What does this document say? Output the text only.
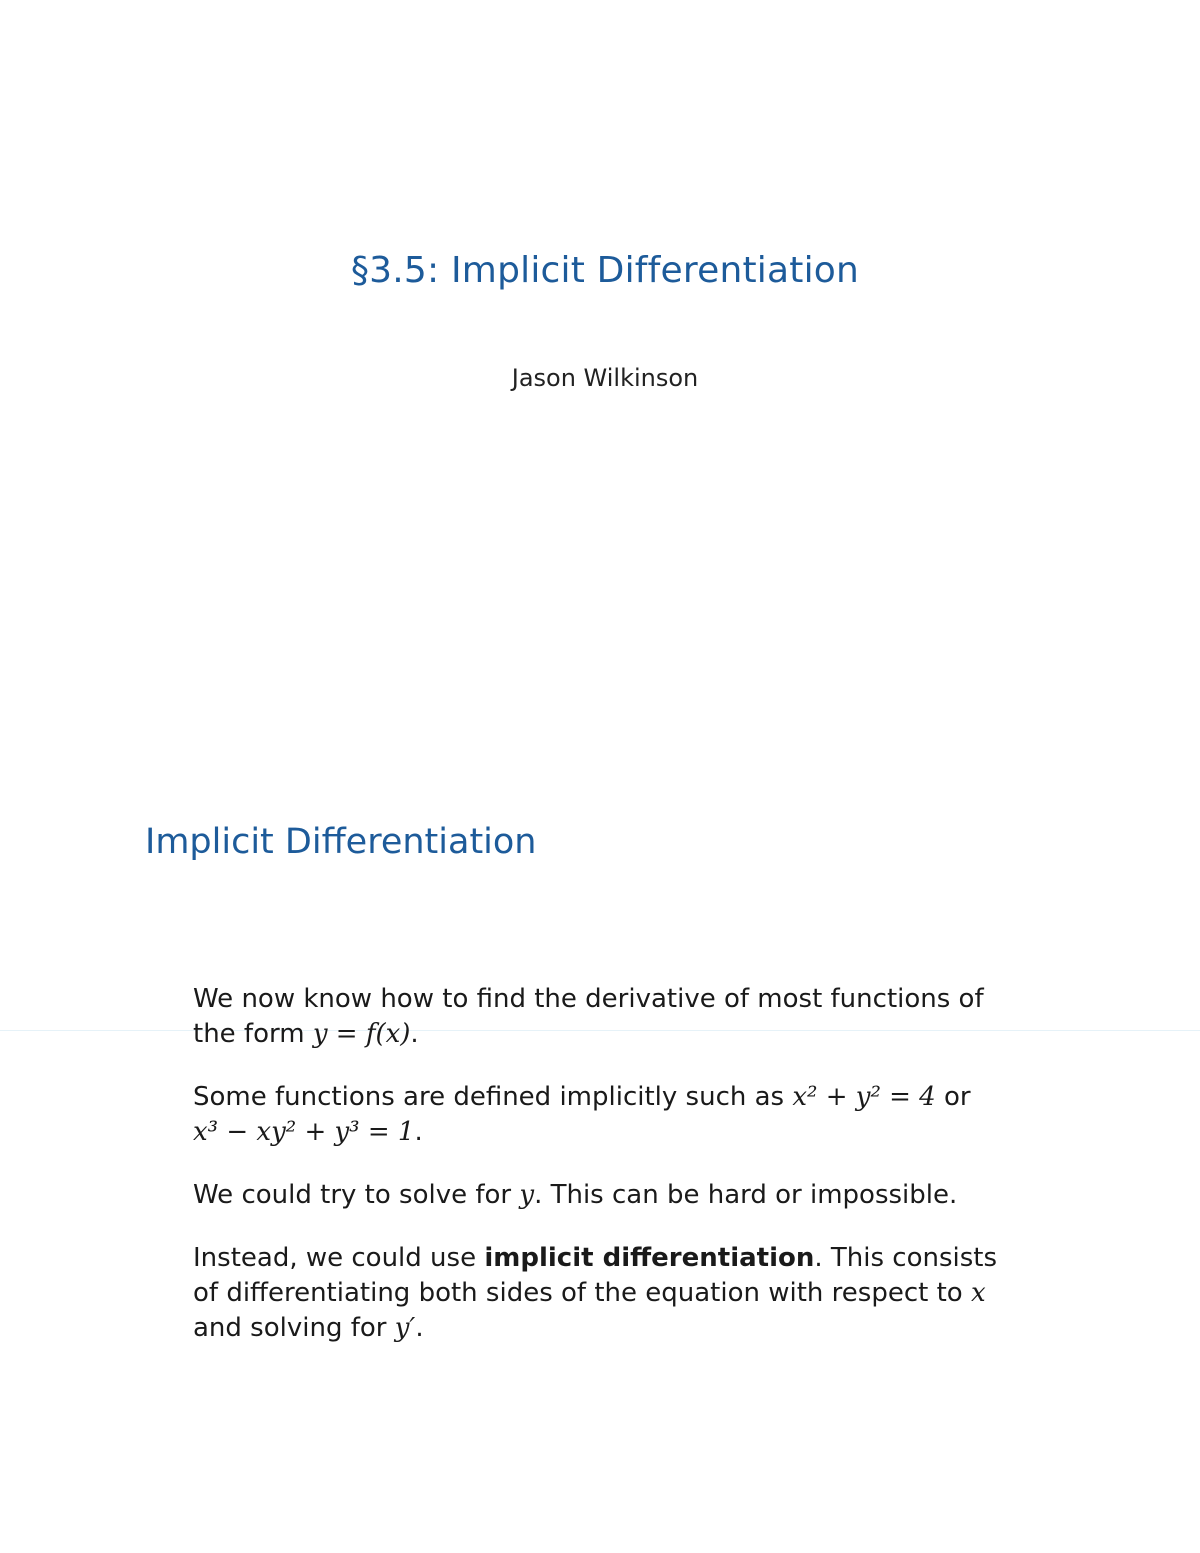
§3.5: Implicit Differentiation
Jason Wilkinson
Implicit Differentiation

We now know how to find the derivative of most functions of the form y = f(x).

Some functions are defined implicitly such as x² + y² = 4 or x³ − xy² + y³ = 1.

We could try to solve for y. This can be hard or impossible.

Instead, we could use implicit differentiation. This consists of differentiating both sides of the equation with respect to x and solving for y′.
